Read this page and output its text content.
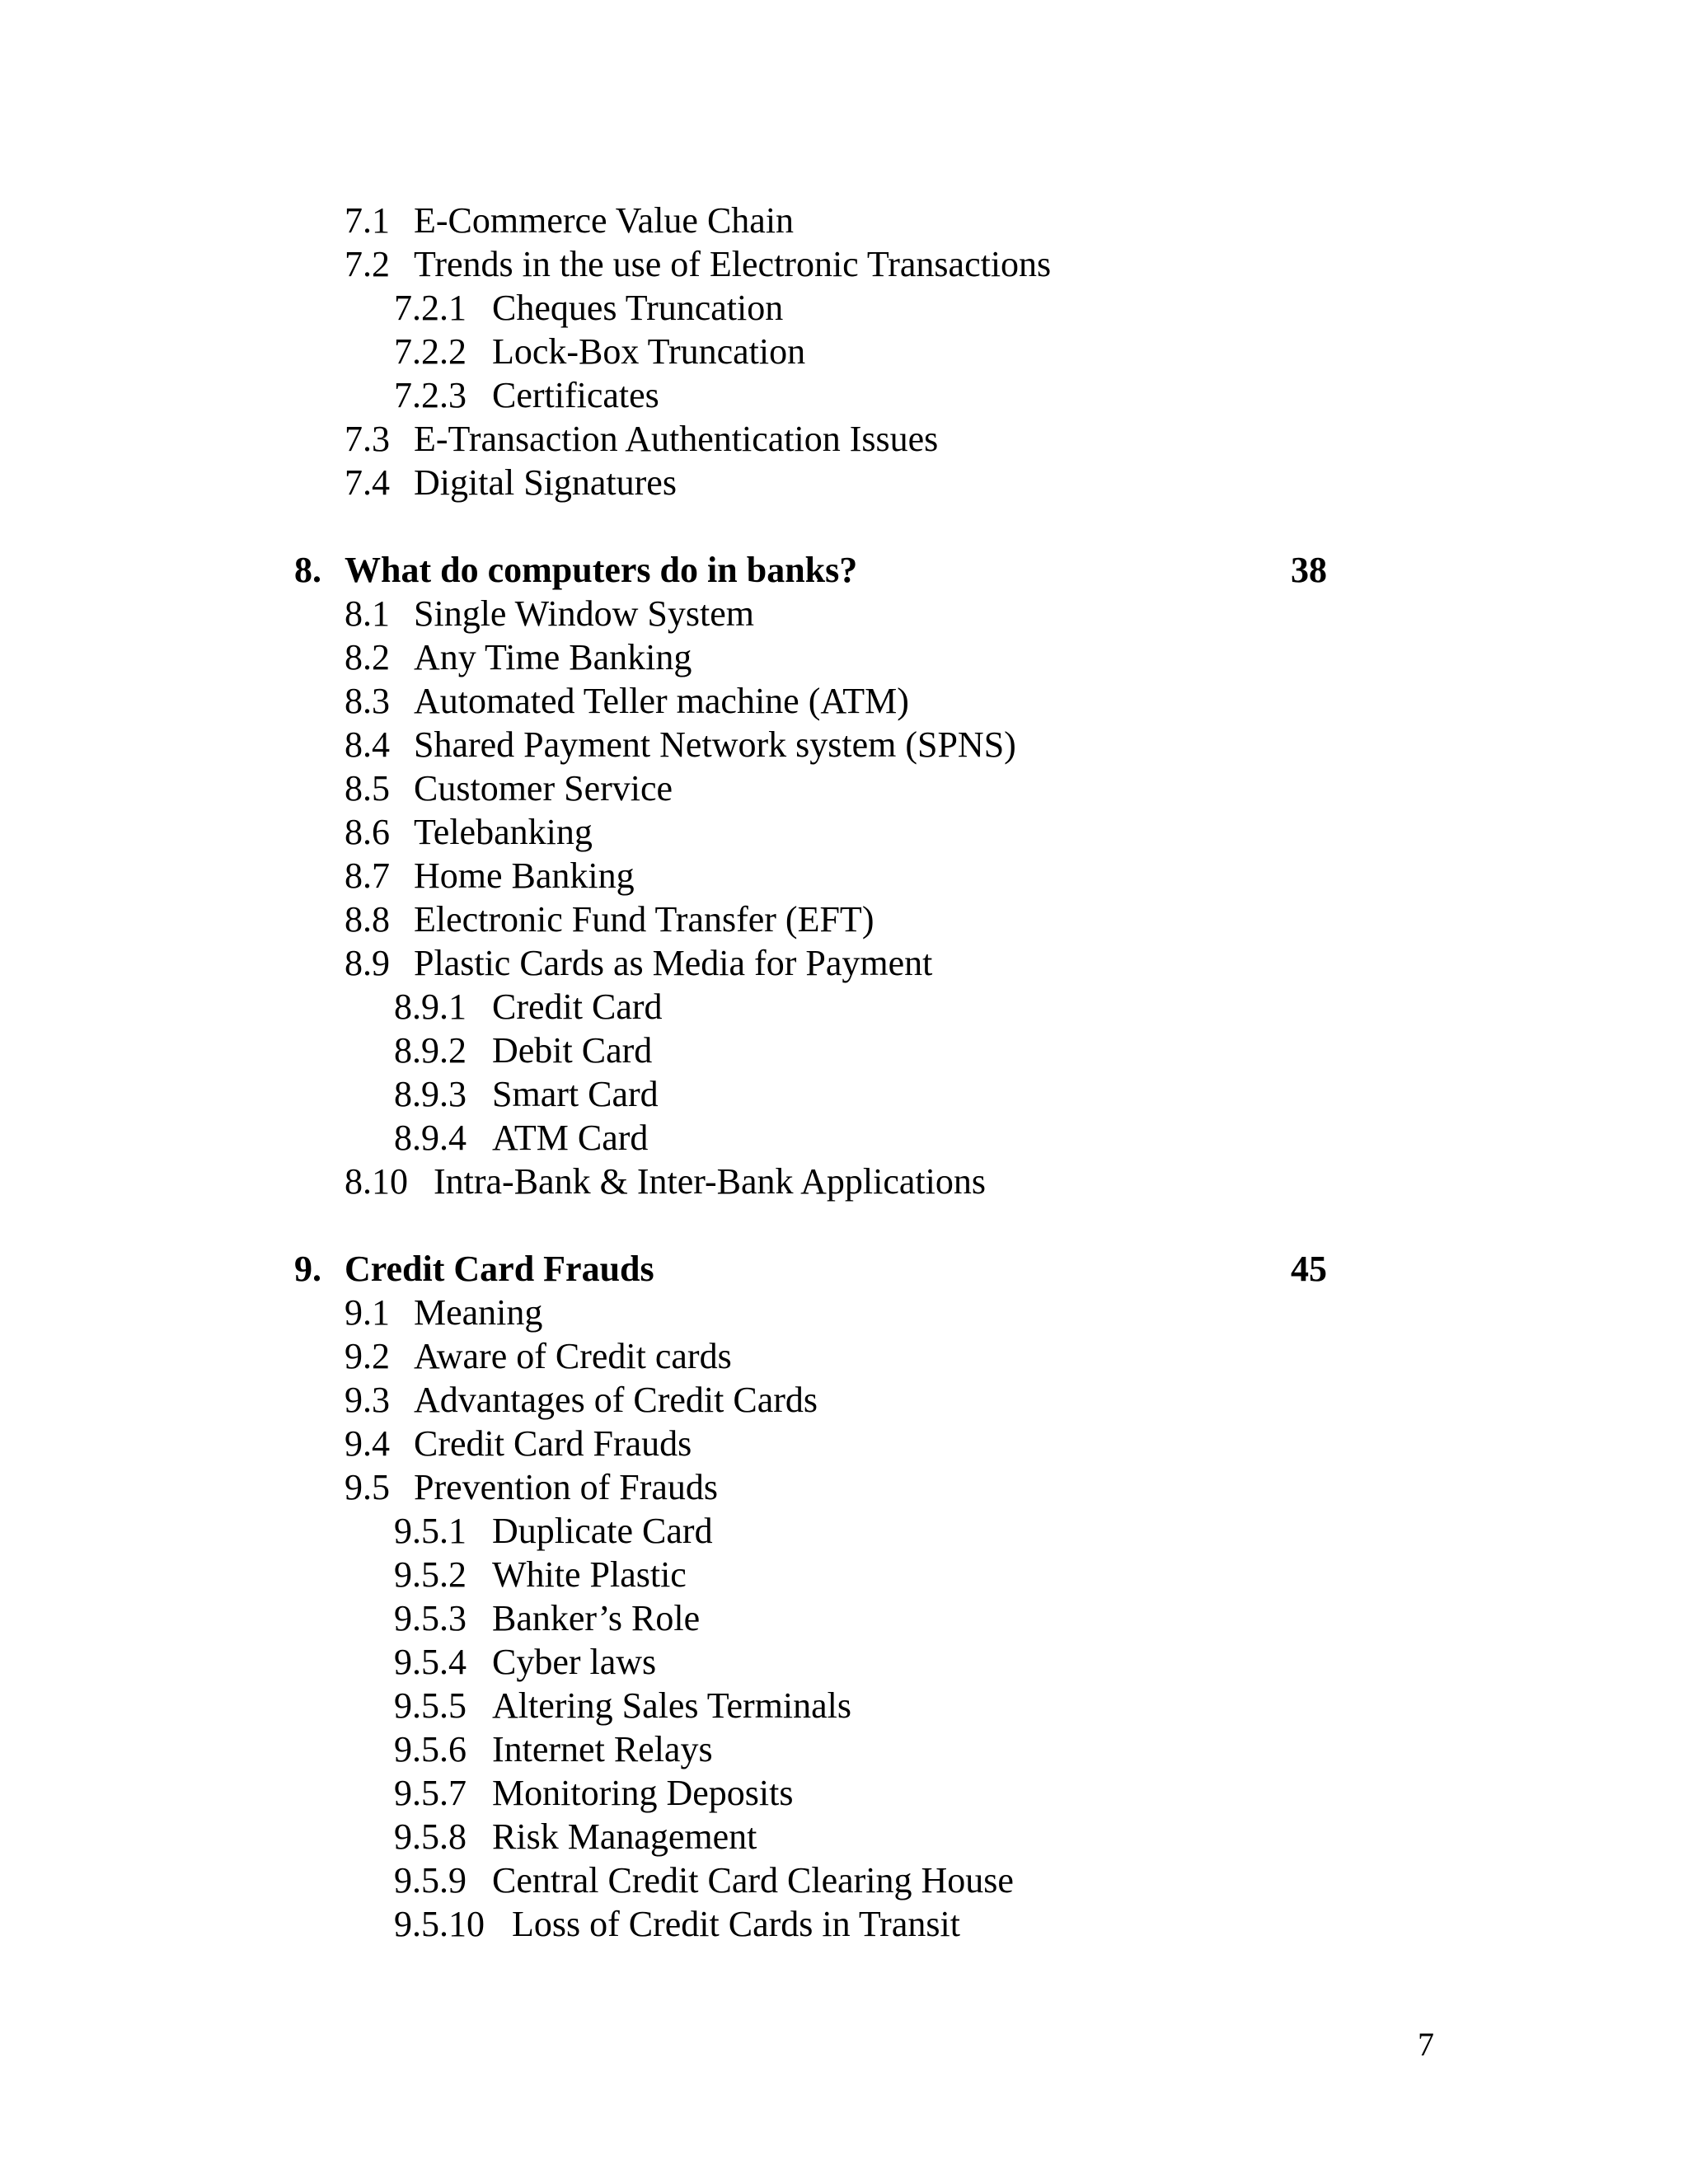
7.1 E-Commerce Value Chain
7.2 Trends in the use of Electronic Transactions
7.2.1 Cheques Truncation
7.2.2 Lock-Box Truncation
7.2.3 Certificates
7.3 E-Transaction Authentication Issues
7.4 Digital Signatures
8. What do computers do in banks?	38
8.1 Single Window System
8.2 Any Time Banking
8.3 Automated Teller machine (ATM)
8.4 Shared Payment Network system (SPNS)
8.5 Customer Service
8.6 Telebanking
8.7 Home Banking
8.8 Electronic Fund Transfer (EFT)
8.9 Plastic Cards as Media for Payment
8.9.1 Credit Card
8.9.2 Debit Card
8.9.3 Smart Card
8.9.4 ATM Card
8.10 Intra-Bank & Inter-Bank Applications
9. Credit Card Frauds	45
9.1 Meaning
9.2 Aware of Credit cards
9.3 Advantages of Credit Cards
9.4 Credit Card Frauds
9.5 Prevention of Frauds
9.5.1 Duplicate Card
9.5.2 White Plastic
9.5.3 Banker’s Role
9.5.4 Cyber laws
9.5.5 Altering Sales Terminals
9.5.6 Internet Relays
9.5.7 Monitoring Deposits
9.5.8 Risk Management
9.5.9 Central Credit Card Clearing House
9.5.10 Loss of Credit Cards in Transit
7
